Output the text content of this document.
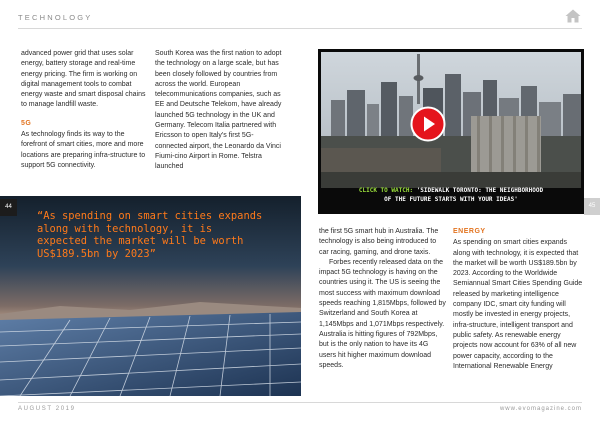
TECHNOLOGY

advanced power grid that uses solar energy, battery storage and real-time energy pricing. The firm is working on digital management tools to combat energy waste and smart disposal chains to manage landfill waste.

5G

As technology finds its way to the forefront of smart cities, more and more locations are preparing infra-structure to support 5G connectivity.

South Korea was the first nation to adopt the technology on a large scale, but has been closely followed by countries from across the world. European telecommunications companies, such as EE and Deutsche Telekom, have already launched 5G technology in the UK and Germany. Telecom Italia partnered with Ericsson to open Italy's first 5G-connected airport, the Leonardo da Vinci Fiumi-cino Airport in Rome. Telstra launched

CLICK TO WATCH: 'SIDEWALK TORONTO: THE NEIGHBORHOOD
OF THE FUTURE STARTS WITH YOUR IDEAS'
“As spending on smart cities expands along with technology, it is expected the market will be worth US$189.5bn by 2023”
44	45

the first 5G smart hub in Australia. The technology is also being introduced to car racing, gaming, and drone taxis.

Forbes recently released data on the impact 5G technology is having on the countries using it. The US is seeing the most success with maximum download speeds reaching 1,815Mbps, followed by Switzerland and South Korea at 1,145Mbps and 1,071Mbps respectively. Australia is hitting figures of 792Mbps, but is the only nation to have its 4G users hit higher maximum download speeds.

ENERGY

As spending on smart cities expands along with technology, it is expected that the market will be worth US$189.5bn by 2023. According to the Worldwide Semiannual Smart Cities Spending Guide released by marketing intelligence company IDC, smart city funding will mostly be invested in energy projects, infra-structure, intelligent transport and public safety. As renewable energy projects now account for 63% of all new power capacity, according to the International Renewable Energy

AUGUST 2019	www.evomagazine.com
